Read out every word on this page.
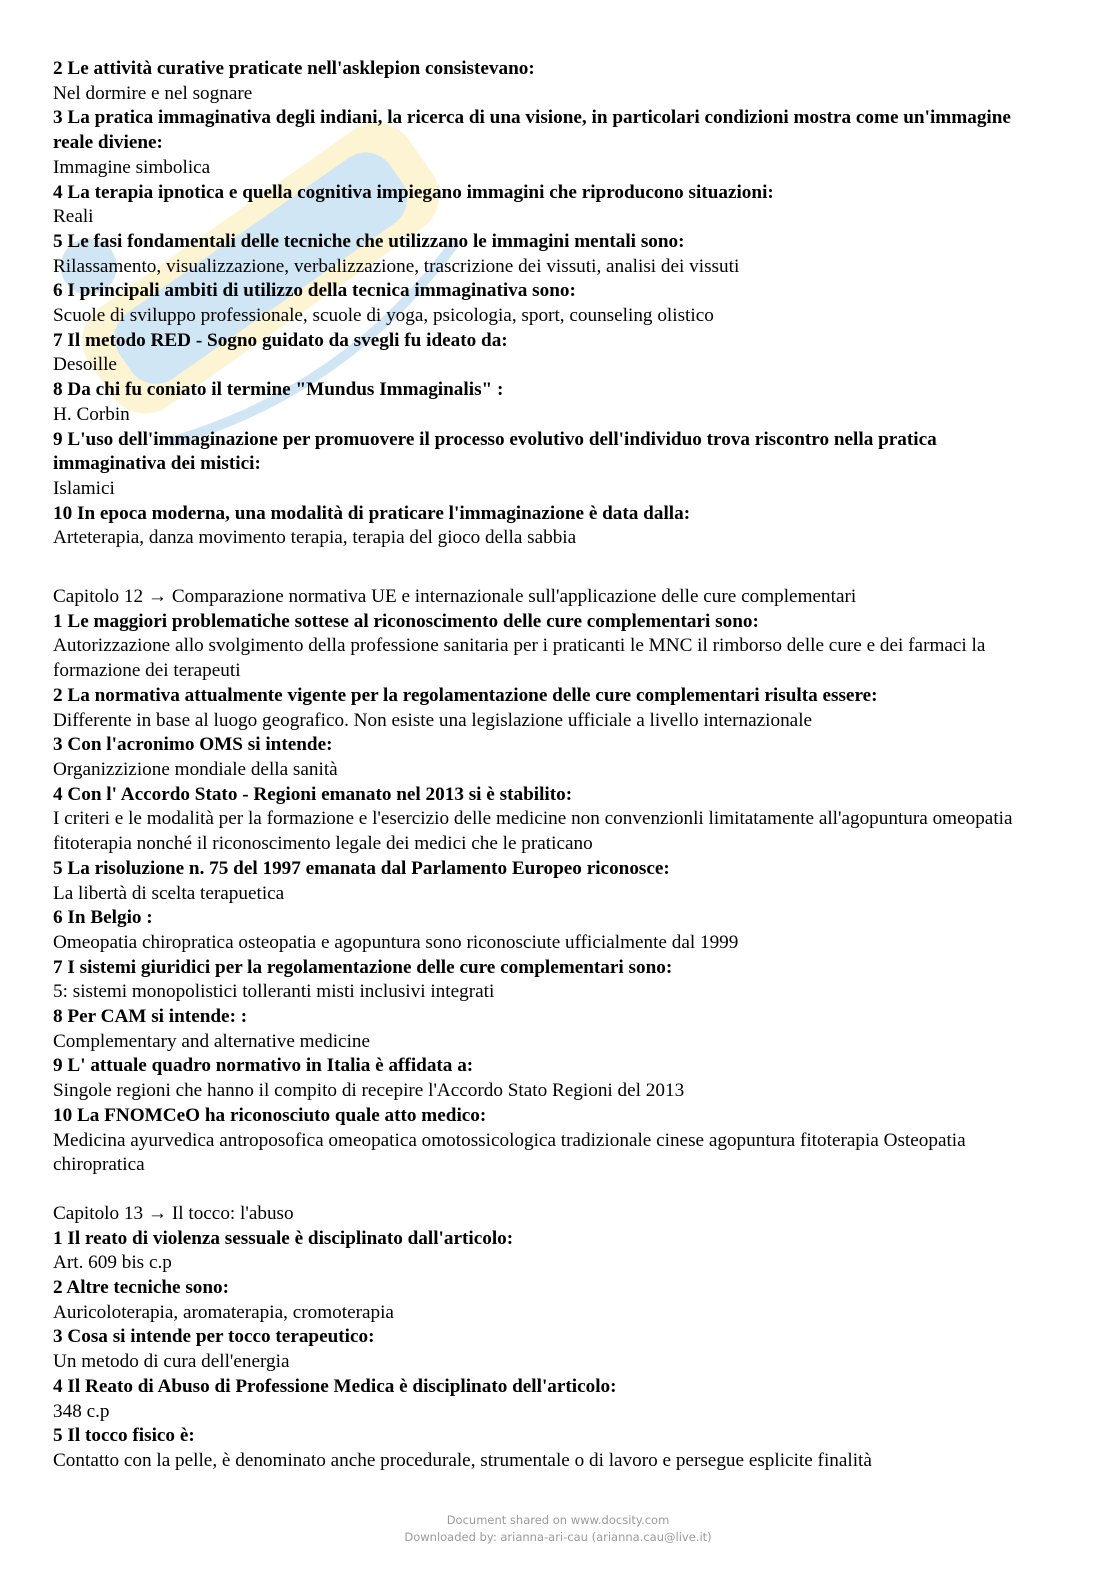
2 Le attività curative praticate nell'asklepion consistevano:
Nel dormire e nel sognare
3 La pratica immaginativa degli indiani, la ricerca di una visione, in particolari condizioni mostra come un'immagine reale diviene:
Immagine simbolica
4 La terapia ipnotica e quella cognitiva impiegano immagini che riproducono situazioni:
Reali
5 Le fasi fondamentali delle tecniche che utilizzano le immagini mentali sono:
Rilassamento, visualizzazione, verbalizzazione, trascrizione dei vissuti, analisi dei vissuti
6 I principali ambiti di utilizzo della tecnica immaginativa sono:
Scuole di sviluppo professionale, scuole di yoga, psicologia, sport, counseling olistico
7 Il metodo RED - Sogno guidato da svegli fu ideato da:
Desoille
8 Da chi fu coniato il termine "Mundus Immaginalis" :
H. Corbin
9 L'uso dell'immaginazione per promuovere il processo evolutivo dell'individuo trova riscontro nella pratica immaginativa dei mistici:
Islamici
10 In epoca moderna, una modalità di praticare l'immaginazione è data dalla:
Arteterapia, danza movimento terapia, terapia del gioco della sabbia
Capitolo 12 → Comparazione normativa UE e internazionale sull'applicazione delle cure complementari
1 Le maggiori problematiche sottese al riconoscimento delle cure complementari sono:
Autorizzazione allo svolgimento della professione sanitaria per i praticanti le MNC il rimborso delle cure e dei farmaci la formazione dei terapeuti
2 La normativa attualmente vigente per la regolamentazione delle cure complementari risulta essere:
Differente in base al luogo geografico. Non esiste una legislazione ufficiale a livello internazionale
3 Con l'acronimo OMS si intende:
Organizzizione mondiale della sanità
4 Con l' Accordo Stato - Regioni emanato nel 2013 si è stabilito:
I criteri e le modalità per la formazione e l'esercizio delle medicine non convenzionli limitatamente all'agopuntura omeopatia fitoterapia nonché il riconoscimento legale dei medici che le praticano
5 La risoluzione n. 75 del 1997 emanata dal Parlamento Europeo riconosce:
La libertà di scelta terapuetica
6 In Belgio :
Omeopatia chiropratica osteopatia e agopuntura sono riconosciute ufficialmente dal 1999
7 I sistemi giuridici per la regolamentazione delle cure complementari sono:
5: sistemi monopolistici tolleranti misti inclusivi integrati
8 Per CAM si intende: :
Complementary and alternative medicine
9 L' attuale quadro normativo in Italia è affidata a:
Singole regioni che hanno il compito di recepire l'Accordo Stato Regioni del 2013
10 La FNOMCeO ha riconosciuto quale atto medico:
Medicina ayurvedica antroposofica omeopatica omotossicologica tradizionale cinese agopuntura fitoterapia Osteopatia chiropratica
Capitolo 13 → Il tocco: l'abuso
1 Il reato di violenza sessuale è disciplinato dall'articolo:
Art. 609 bis c.p
2 Altre tecniche sono:
Auricoloterapia, aromaterapia, cromoterapia
3 Cosa si intende per tocco terapeutico:
Un metodo di cura dell'energia
4 Il Reato di Abuso di Professione Medica è disciplinato dell'articolo:
348 c.p
5 Il tocco fisico è:
Contatto con la pelle, è denominato anche procedurale, strumentale o di lavoro e persegue esplicite finalità
Document shared on www.docsity.com
Downloaded by: arianna-ari-cau (arianna.cau@live.it)
